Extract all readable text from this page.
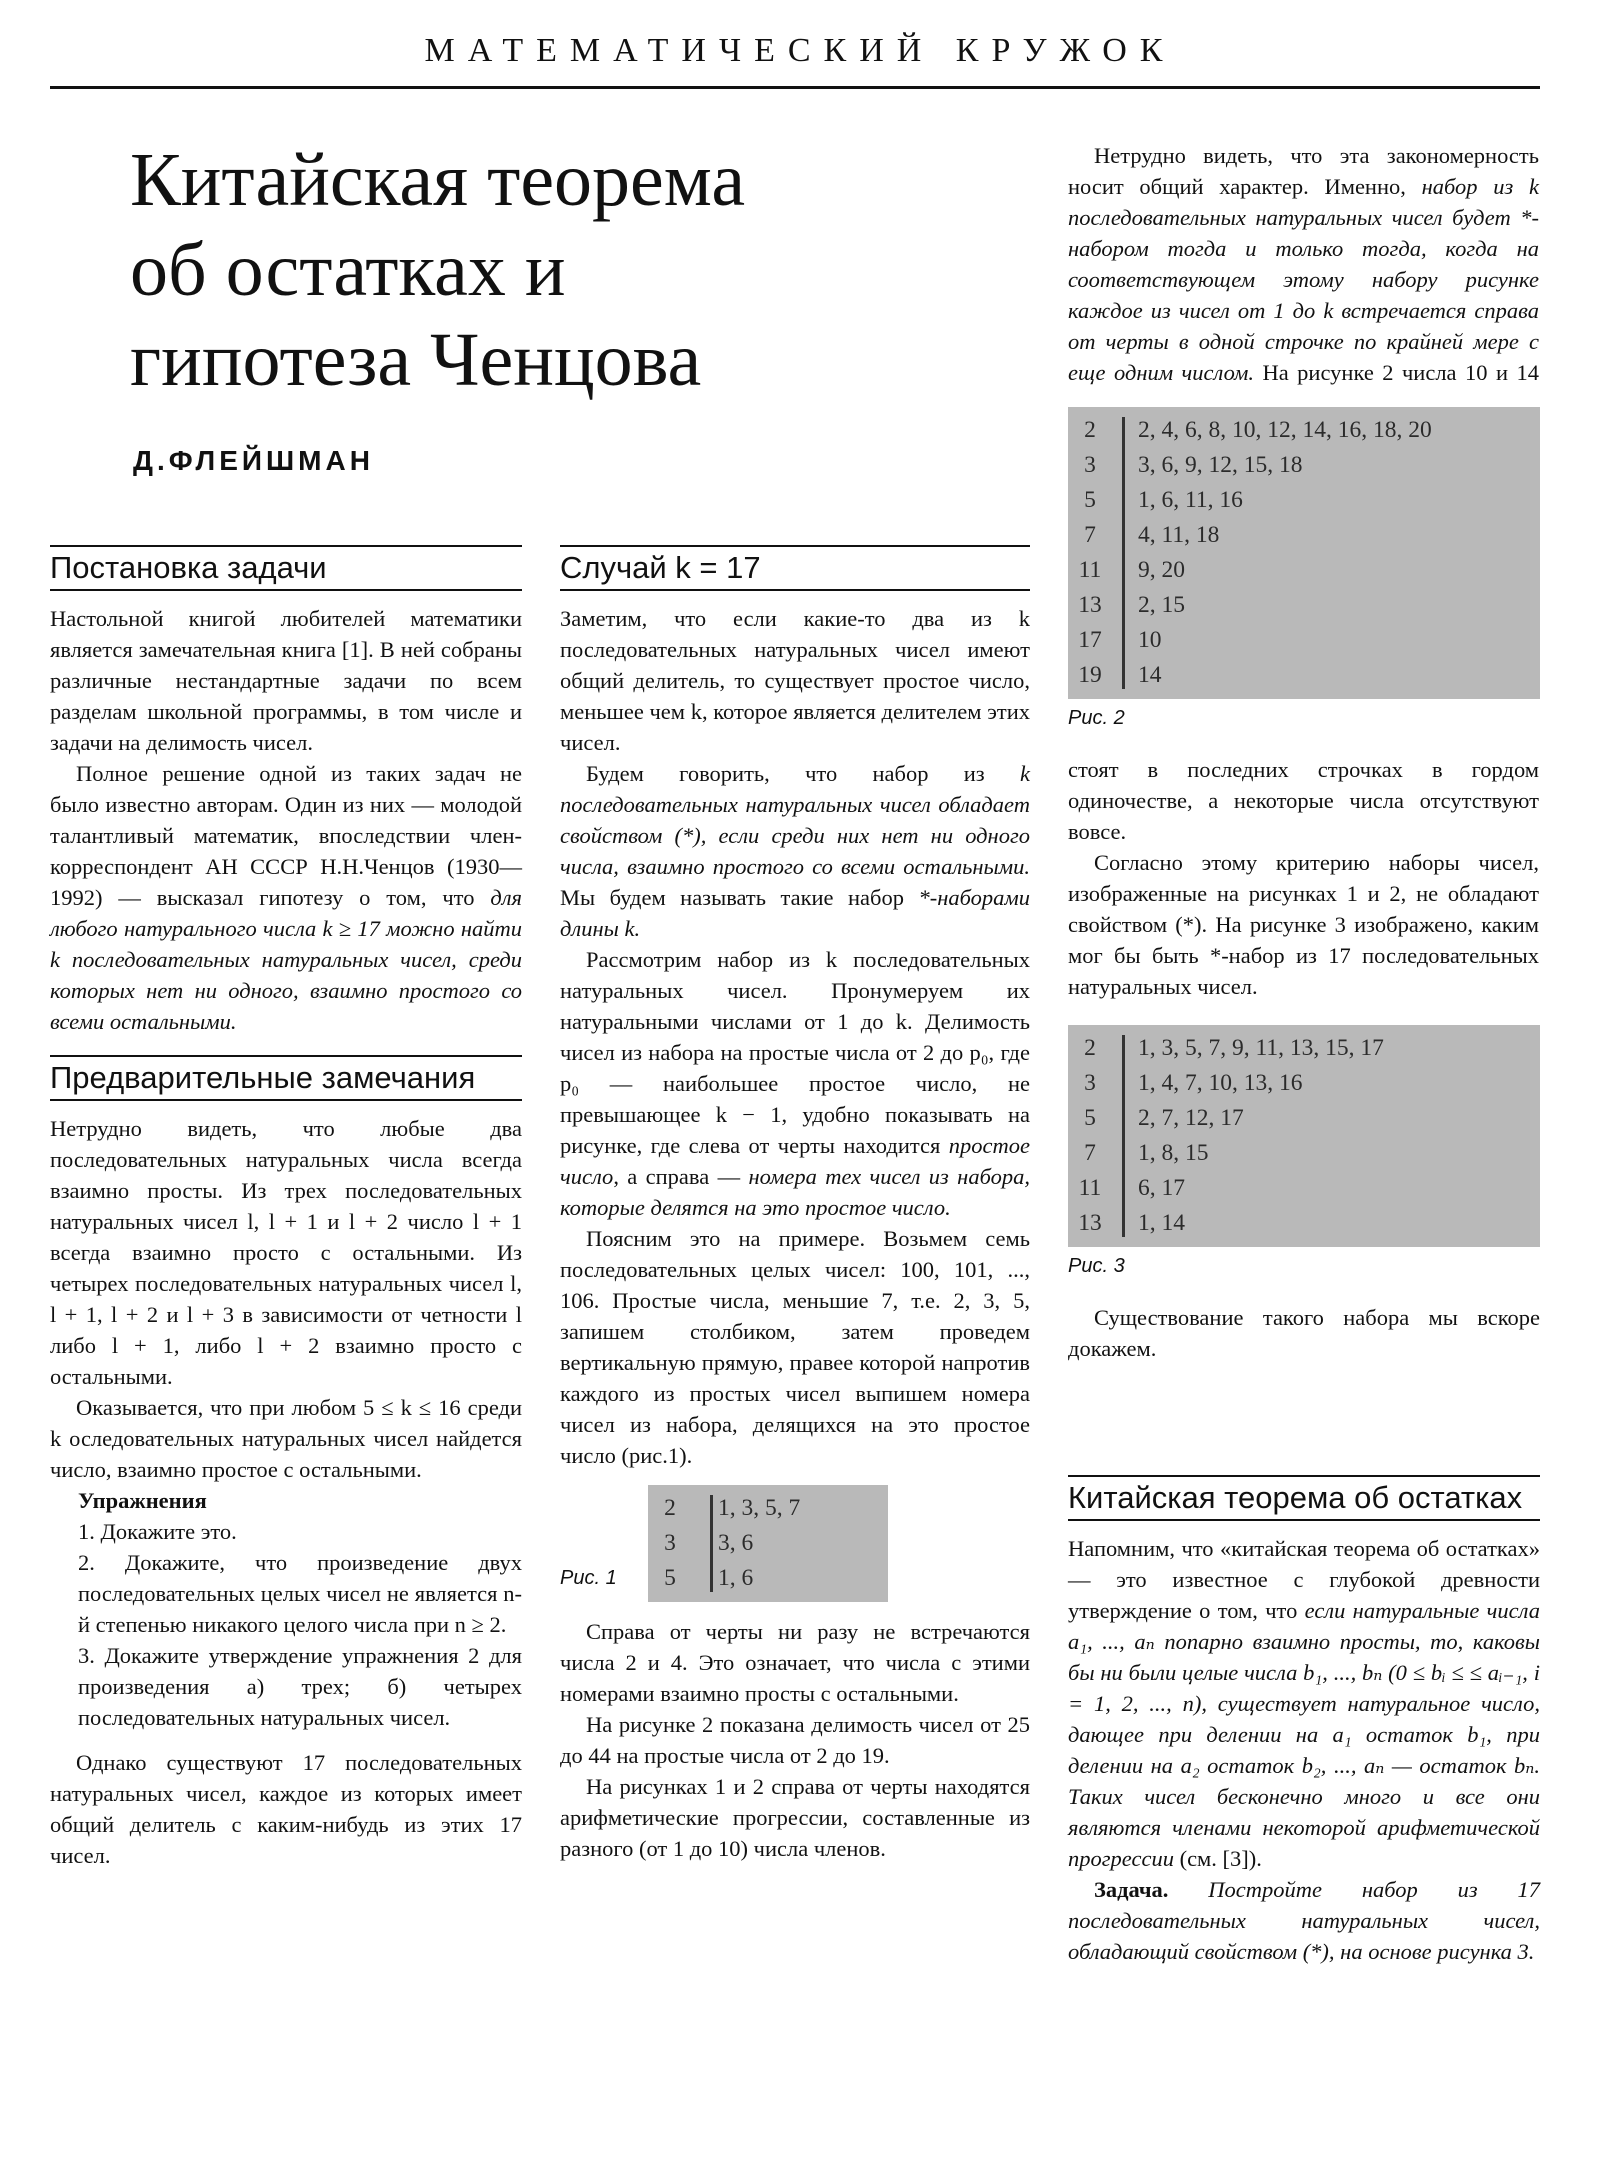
МАТЕМАТИЧЕСКИЙ КРУЖОК
Китайская теорема
об остатках и
гипотеза Ченцова
Д.ФЛЕЙШМАН
Постановка задачи

Настольной книгой любителей математики является замечательная книга [1]. В ней собраны различные нестандартные задачи по всем разделам школьной программы, в том числе и задачи на делимость чисел.

Полное решение одной из таких задач не было известно авторам. Один из них — молодой талантливый математик, впоследствии член-корреспондент АН СССР Н.Н.Ченцов (1930—1992) — высказал гипотезу о том, что для любого натурального числа k ≥ 17 можно найти k последовательных натуральных чисел, среди которых нет ни одного, взаимно простого со всеми остальными.

Предварительные замечания

Нетрудно видеть, что любые два последовательных натуральных числа всегда взаимно просты. Из трех последовательных натуральных чисел l, l + 1 и l + 2 число l + 1 всегда взаимно просто с остальными. Из четырех последовательных натуральных чисел l, l + 1, l + 2 и l + 3 в зависимости от четности l либо l + 1, либо l + 2 взаимно просто с остальными.

Оказывается, что при любом 5 ≤ k ≤ 16 среди k оследовательных натуральных чисел найдется число, взаимно простое с остальными.

Упражнения

1. Докажите это.

2. Докажите, что произведение двух последовательных целых чисел не является n-й степенью никакого целого числа при n ≥ 2.

3. Докажите утверждение упражнения 2 для произведения а) трех; б) четырех последовательных натуральных чисел.

Однако существуют 17 последовательных натуральных чисел, каждое из которых имеет общий делитель с каким-нибудь из этих 17 чисел.

Случай k = 17

Заметим, что если какие-то два из k последовательных натуральных чисел имеют общий делитель, то существует простое число, меньшее чем k, которое является делителем этих чисел.

Будем говорить, что набор из k последовательных натуральных чисел обладает свойством (*), если среди них нет ни одного числа, взаимно простого со всеми остальными. Мы будем называть такие набор *-наборами длины k.

Рассмотрим набор из k последовательных натуральных чисел. Пронумеруем их натуральными числами от 1 до k. Делимость чисел из набора на простые числа от 2 до p₀, где p₀ — наибольшее простое число, не превышающее k − 1, удобно показывать на рисунке, где слева от черты находится простое число, а справа — номера тех чисел из набора, которые делятся на это простое число.

Поясним это на примере. Возьмем семь последовательных целых чисел: 100, 101, ..., 106. Простые числа, меньшие 7, т.е. 2, 3, 5, запишем столбиком, затем проведем вертикальную прямую, правее которой напротив каждого из простых чисел выпишем номера чисел из набора, делящихся на это простое число (рис.1).

Рис. 1
2	1, 3, 5, 7
3	3, 6
5	1, 6

Справа от черты ни разу не встречаются числа 2 и 4. Это означает, что числа с этими номерами взаимно просты с остальными.

На рисунке 2 показана делимость чисел от 25 до 44 на простые числа от 2 до 19.

На рисунках 1 и 2 справа от черты находятся арифметические прогрессии, составленные из разного (от 1 до 10) числа членов.

Нетрудно видеть, что эта закономерность носит общий характер. Именно, набор из k последовательных натуральных чисел будет *-набором тогда и только тогда, когда на соответствующем этому набору рисунке каждое из чисел от 1 до k встречается справа от черты в одной строчке по крайней мере с еще одним числом. На рисунке 2 числа 10 и 14 стоят в последних строчках в гордом одиночестве, а некоторые числа отсутствуют вовсе.

Согласно этому критерию наборы чисел, изображенные на рисунках 1 и 2, не обладают свойством (*). На рисунке 3 изображено, каким мог бы быть *-набор из 17 последовательных натуральных чисел.

Существование такого набора мы вскоре докажем.

2	2, 4, 6, 8, 10, 12, 14, 16, 18, 20
3	3, 6, 9, 12, 15, 18
5	1, 6, 11, 16
7	4, 11, 18
11	9, 20
13	2, 15
17	10
19	14
Рис. 2
2	1, 3, 5, 7, 9, 11, 13, 15, 17
3	1, 4, 7, 10, 13, 16
5	2, 7, 12, 17
7	1, 8, 15
11	6, 17
13	1, 14
Рис. 3
Китайская теорема об остатках

Напомним, что «китайская теорема об остатках» — это известное с глубокой древности утверждение о том, что если натуральные числа a₁, ..., aₙ попарно взаимно просты, то, каковы бы ни были целые числа b₁, ..., bₙ (0 ≤ bᵢ ≤ ≤ aᵢ₋₁, i = 1, 2, ..., n), существует натуральное число, дающее при делении на a₁ остаток b₁, при делении на a₂ остаток b₂, ..., aₙ — остаток bₙ. Таких чисел бесконечно много и все они являются членами некоторой арифметической прогрессии (см. [3]).

Задача. Постройте набор из 17 последовательных натуральных чисел, обладающий свойством (*), на основе рисунка 3.
